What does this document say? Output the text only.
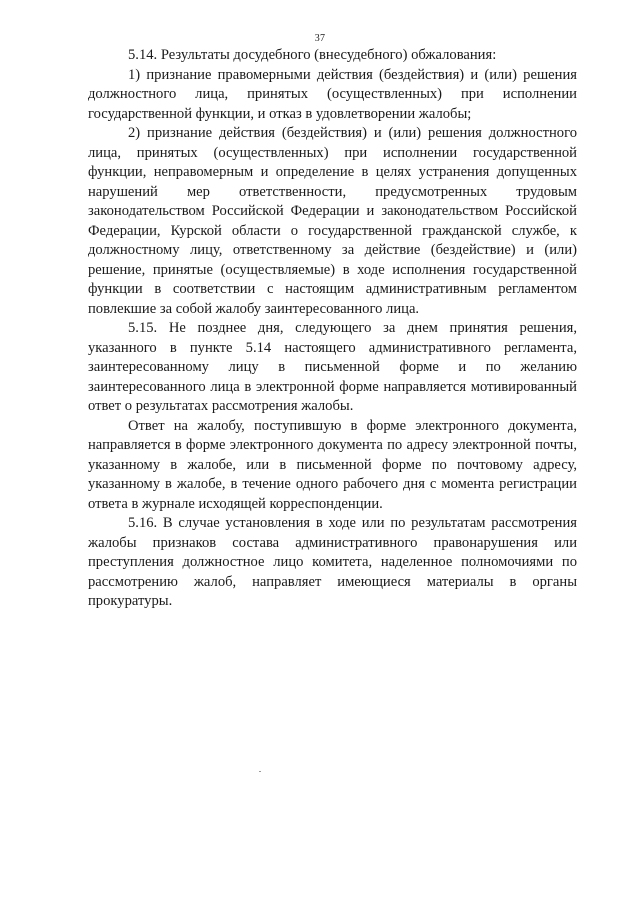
37

5.14. Результаты досудебного (внесудебного) обжалования:

1) признание правомерными действия (бездействия) и (или) решения должностного лица, принятых (осуществленных) при исполнении государственной функции, и отказ в удовлетворении жалобы;

2) признание действия (бездействия) и (или) решения должностного лица, принятых (осуществленных) при исполнении государственной функции, неправомерным и определение в целях устранения допущенных нарушений мер ответственности, предусмотренных трудовым законодательством Российской Федерации и законодательством Российской Федерации, Курской области о государственной гражданской службе, к должностному лицу, ответственному за действие (бездействие) и (или) решение, принятые (осуществляемые) в ходе исполнения государственной функции в соответствии с настоящим административным регламентом повлекшие за собой жалобу заинтересованного лица.

5.15. Не позднее дня, следующего за днем принятия решения, указанного в пункте 5.14 настоящего административного регламента, заинтересованному лицу в письменной форме и по желанию заинтересованного лица в электронной форме направляется мотивированный ответ о результатах рассмотрения жалобы.

Ответ на жалобу, поступившую в форме электронного документа, направляется в форме электронного документа по адресу электронной почты, указанному в жалобе, или в письменной форме по почтовому адресу, указанному в жалобе, в течение одного рабочего дня с момента регистрации ответа в журнале исходящей корреспонденции.

5.16. В случае установления в ходе или по результатам рассмотрения жалобы признаков состава административного правонарушения или преступления должностное лицо комитета, наделенное полномочиями по рассмотрению жалоб, направляет имеющиеся материалы в органы прокуратуры.
